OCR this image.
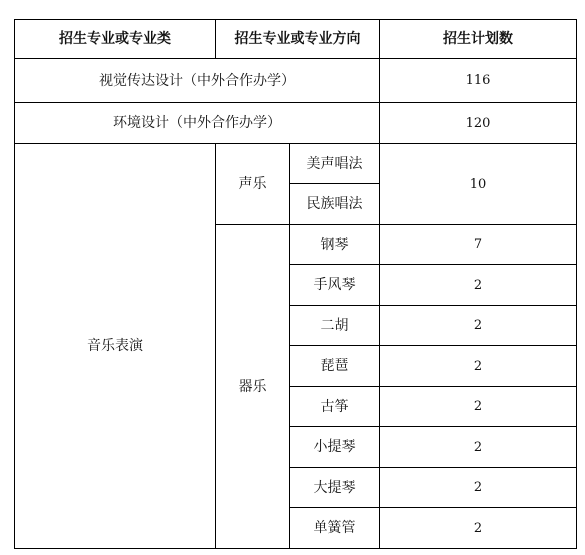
招生专业或专业类	招生专业或专业方向		招生计划数
视觉传达设计（中外合作办学）			116
环境设计（中外合作办学）			120
音乐表演	声乐	美声唱法	10
		民族唱法	
	器乐	钢琴	7
		手风琴	2
		二胡	2
		琵琶	2
		古筝	2
		小提琴	2
		大提琴	2
		单簧管	2
